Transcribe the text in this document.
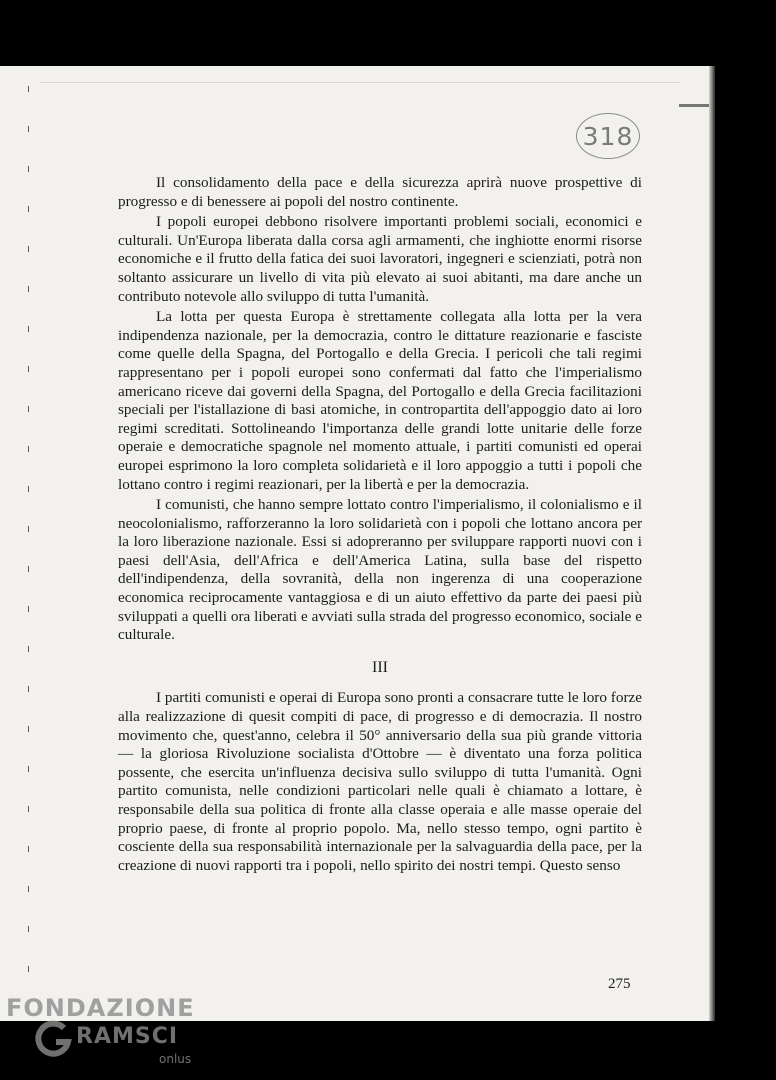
318

Il consolidamento della pace e della sicurezza aprirà nuove prospettive di progresso e di benessere ai popoli del nostro continente.

I popoli europei debbono risolvere importanti problemi sociali, economici e culturali. Un'Europa liberata dalla corsa agli armamenti, che inghiotte enormi risorse economiche e il frutto della fatica dei suoi lavoratori, ingegneri e scienziati, potrà non soltanto assicurare un livello di vita più elevato ai suoi abitanti, ma dare anche un contributo notevole allo sviluppo di tutta l'umanità.

La lotta per questa Europa è strettamente collegata alla lotta per la vera indipendenza nazionale, per la democrazia, contro le dittature reazionarie e fasciste come quelle della Spagna, del Portogallo e della Grecia. I pericoli che tali regimi rappresentano per i popoli europei sono confermati dal fatto che l'imperialismo americano riceve dai governi della Spagna, del Portogallo e della Grecia facilitazioni speciali per l'istallazione di basi atomiche, in contropartita dell'appoggio dato ai loro regimi screditati. Sottolineando l'importanza delle grandi lotte unitarie delle forze operaie e democratiche spagnole nel momento attuale, i partiti comunisti ed operai europei esprimono la loro completa solidarietà e il loro appoggio a tutti i popoli che lottano contro i regimi reazionari, per la libertà e per la democrazia.

I comunisti, che hanno sempre lottato contro l'imperialismo, il colonialismo e il neocolonialismo, rafforzeranno la loro solidarietà con i popoli che lottano ancora per la loro liberazione nazionale. Essi si adopreranno per sviluppare rapporti nuovi con i paesi dell'Asia, dell'Africa e dell'America Latina, sulla base del rispetto dell'indipendenza, della sovranità, della non ingerenza di una cooperazione economica reciprocamente vantaggiosa e di un aiuto effettivo da parte dei paesi più sviluppati a quelli ora liberati e avviati sulla strada del progresso economico, sociale e culturale.

III

I partiti comunisti e operai di Europa sono pronti a consacrare tutte le loro forze alla realizzazione di quesit compiti di pace, di progresso e di democrazia. Il nostro movimento che, quest'anno, celebra il 50° anniversario della sua più grande vittoria — la gloriosa Rivoluzione socialista d'Ottobre — è diventato una forza politica possente, che esercita un'influenza decisiva sullo sviluppo di tutta l'umanità. Ogni partito comunista, nelle condizioni particolari nelle quali è chiamato a lottare, è responsabile della sua politica di fronte alla classe operaia e alle masse operaie del proprio paese, di fronte al proprio popolo. Ma, nello stesso tempo, ogni partito è cosciente della sua responsabilità internazionale per la salvaguardia della pace, per la creazione di nuovi rapporti tra i popoli, nello spirito dei nostri tempi. Questo senso

275
FONDAZIONE
RAMSCI
onlus
